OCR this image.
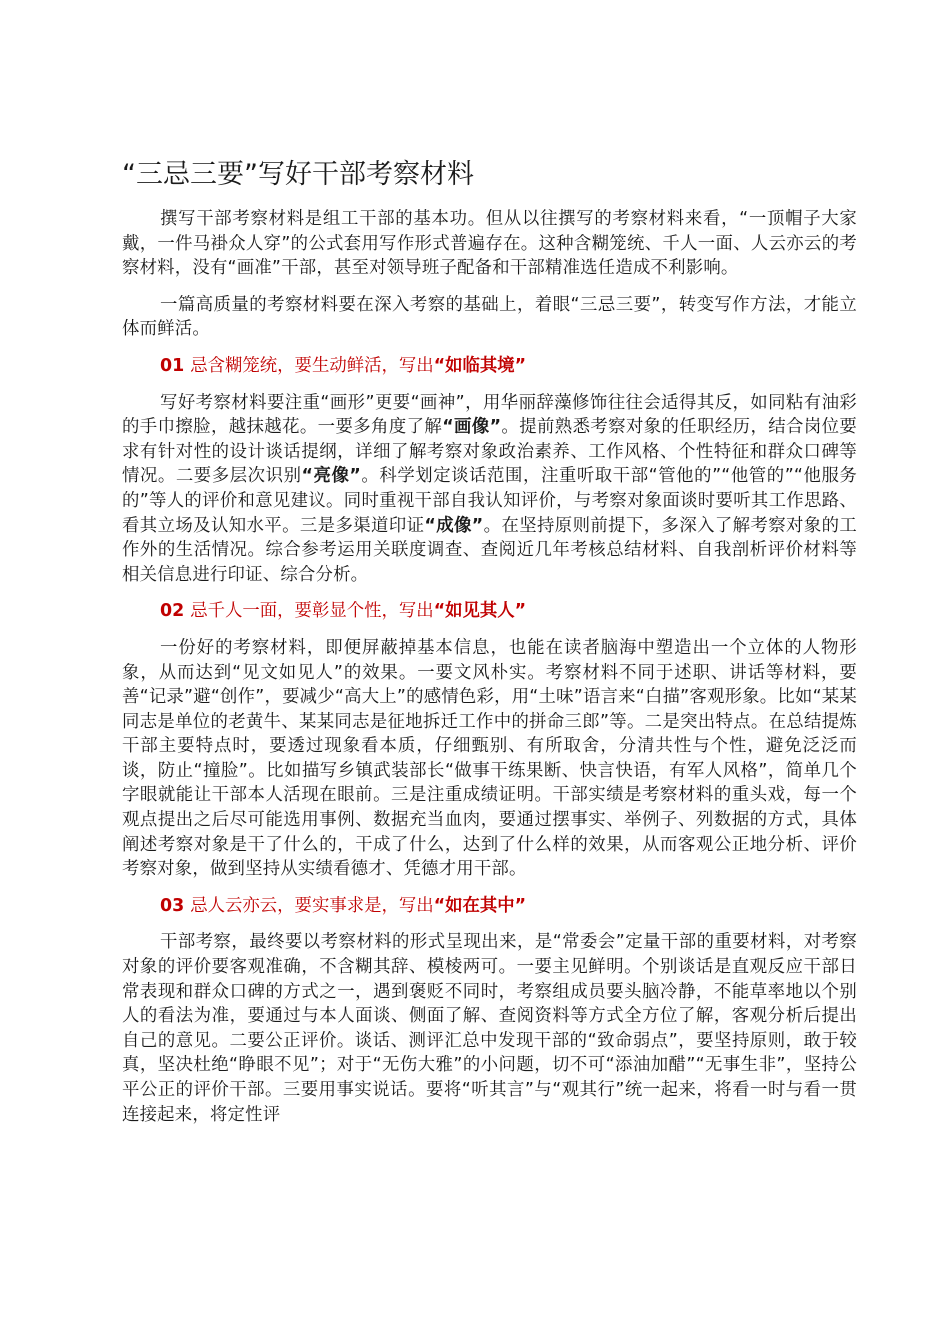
“三忌三要”写好干部考察材料

撰写干部考察材料是组工干部的基本功。但从以往撰写的考察材料来看，“一顶帽子大家戴，一件马褂众人穿”的公式套用写作形式普遍存在。这种含糊笼统、千人一面、人云亦云的考察材料，没有“画准”干部，甚至对领导班子配备和干部精准选任造成不利影响。

一篇高质量的考察材料要在深入考察的基础上，着眼“三忌三要”，转变写作方法，才能立体而鲜活。

01 忌含糊笼统，要生动鲜活，写出“如临其境”

写好考察材料要注重“画形”更要“画神”，用华丽辞藻修饰往往会适得其反，如同粘有油彩的手巾擦脸，越抹越花。一要多角度了解“画像”。提前熟悉考察对象的任职经历，结合岗位要求有针对性的设计谈话提纲，详细了解考察对象政治素养、工作风格、个性特征和群众口碑等情况。二要多层次识别“亮像”。科学划定谈话范围，注重听取干部“管他的”“他管的”“他服务的”等人的评价和意见建议。同时重视干部自我认知评价，与考察对象面谈时要听其工作思路、看其立场及认知水平。三是多渠道印证“成像”。在坚持原则前提下，多深入了解考察对象的工作外的生活情况。综合参考运用关联度调查、查阅近几年考核总结材料、自我剖析评价材料等相关信息进行印证、综合分析。

02 忌千人一面，要彰显个性，写出“如见其人”

一份好的考察材料，即便屏蔽掉基本信息，也能在读者脑海中塑造出一个立体的人物形象，从而达到“见文如见人”的效果。一要文风朴实。考察材料不同于述职、讲话等材料，要善“记录”避“创作”，要减少“高大上”的感情色彩，用“土味”语言来“白描”客观形象。比如“某某同志是单位的老黄牛、某某同志是征地拆迁工作中的拼命三郎”等。二是突出特点。在总结提炼干部主要特点时，要透过现象看本质，仔细甄别、有所取舍，分清共性与个性，避免泛泛而谈，防止“撞脸”。比如描写乡镇武装部长“做事干练果断、快言快语，有军人风格”，简单几个字眼就能让干部本人活现在眼前。三是注重成绩证明。干部实绩是考察材料的重头戏，每一个观点提出之后尽可能选用事例、数据充当血肉，要通过摆事实、举例子、列数据的方式，具体阐述考察对象是干了什么的，干成了什么，达到了什么样的效果，从而客观公正地分析、评价考察对象，做到坚持从实绩看德才、凭德才用干部。

03 忌人云亦云，要实事求是，写出“如在其中”

干部考察，最终要以考察材料的形式呈现出来，是“常委会”定量干部的重要材料，对考察对象的评价要客观准确，不含糊其辞、模棱两可。一要主见鲜明。个别谈话是直观反应干部日常表现和群众口碑的方式之一，遇到褒贬不同时，考察组成员要头脑冷静，不能草率地以个别人的看法为准，要通过与本人面谈、侧面了解、查阅资料等方式全方位了解，客观分析后提出自己的意见。二要公正评价。谈话、测评汇总中发现干部的“致命弱点”，要坚持原则，敢于较真，坚决杜绝“睁眼不见”；对于“无伤大雅”的小问题，切不可“添油加醋”“无事生非”，坚持公平公正的评价干部。三要用事实说话。要将“听其言”与“观其行”统一起来，将看一时与看一贯连接起来，将定性评
